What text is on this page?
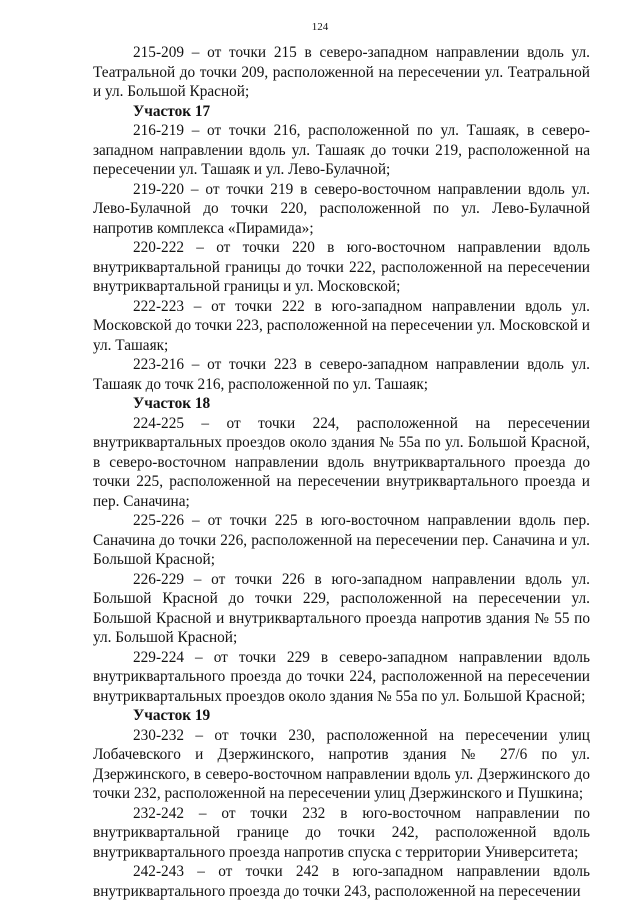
124

215-209 – от точки 215 в северо-западном направлении вдоль ул. Театральной до точки 209, расположенной на пересечении ул. Театральной и ул. Большой Красной;

Участок 17

216-219 – от точки 216, расположенной по ул. Ташаяк, в северо-западном направлении вдоль ул. Ташаяк до точки 219, расположенной на пересечении ул. Ташаяк и ул. Лево-Булачной;

219-220 – от точки 219 в северо-восточном направлении вдоль ул. Лево-Булачной до точки 220, расположенной по ул. Лево-Булачной напротив комплекса «Пирамида»;

220-222 – от точки 220 в юго-восточном направлении вдоль внутриквартальной границы до точки 222, расположенной на пересечении внутриквартальной границы и ул. Московской;

222-223 – от точки 222 в юго-западном направлении вдоль ул. Московской до точки 223, расположенной на пересечении ул. Московской и ул. Ташаяк;

223-216 – от точки 223 в северо-западном направлении вдоль ул. Ташаяк до точк 216, расположенной по ул. Ташаяк;

Участок 18

224-225 – от точки 224, расположенной на пересечении внутриквартальных проездов около здания № 55а по ул. Большой Красной, в северо-восточном направлении вдоль внутриквартального проезда до точки 225, расположенной на пересечении внутриквартального проезда и пер. Саначина;

225-226 – от точки 225 в юго-восточном направлении вдоль пер. Саначина до точки 226, расположенной на пересечении пер. Саначина и ул. Большой Красной;

226-229 – от точки 226 в юго-западном направлении вдоль ул. Большой Красной до точки 229, расположенной на пересечении ул. Большой Красной и внутриквартального проезда напротив здания № 55 по ул. Большой Красной;

229-224 – от точки 229 в северо-западном направлении вдоль внутриквартального проезда до точки 224, расположенной на пересечении внутриквартальных проездов около здания № 55а по ул. Большой Красной;

Участок 19

230-232 – от точки 230, расположенной на пересечении улиц Лобачевского и Дзержинского, напротив здания № 27/6 по ул. Дзержинского, в северо-восточном направлении вдоль ул. Дзержинского до точки 232, расположенной на пересечении улиц Дзержинского и Пушкина;

232-242 – от точки 232 в юго-восточном направлении по внутриквартальной границе до точки 242, расположенной вдоль внутриквартального проезда напротив спуска с территории Университета;

242-243 – от точки 242 в юго-западном направлении вдоль внутриквартального проезда до точки 243, расположенной на пересечении
